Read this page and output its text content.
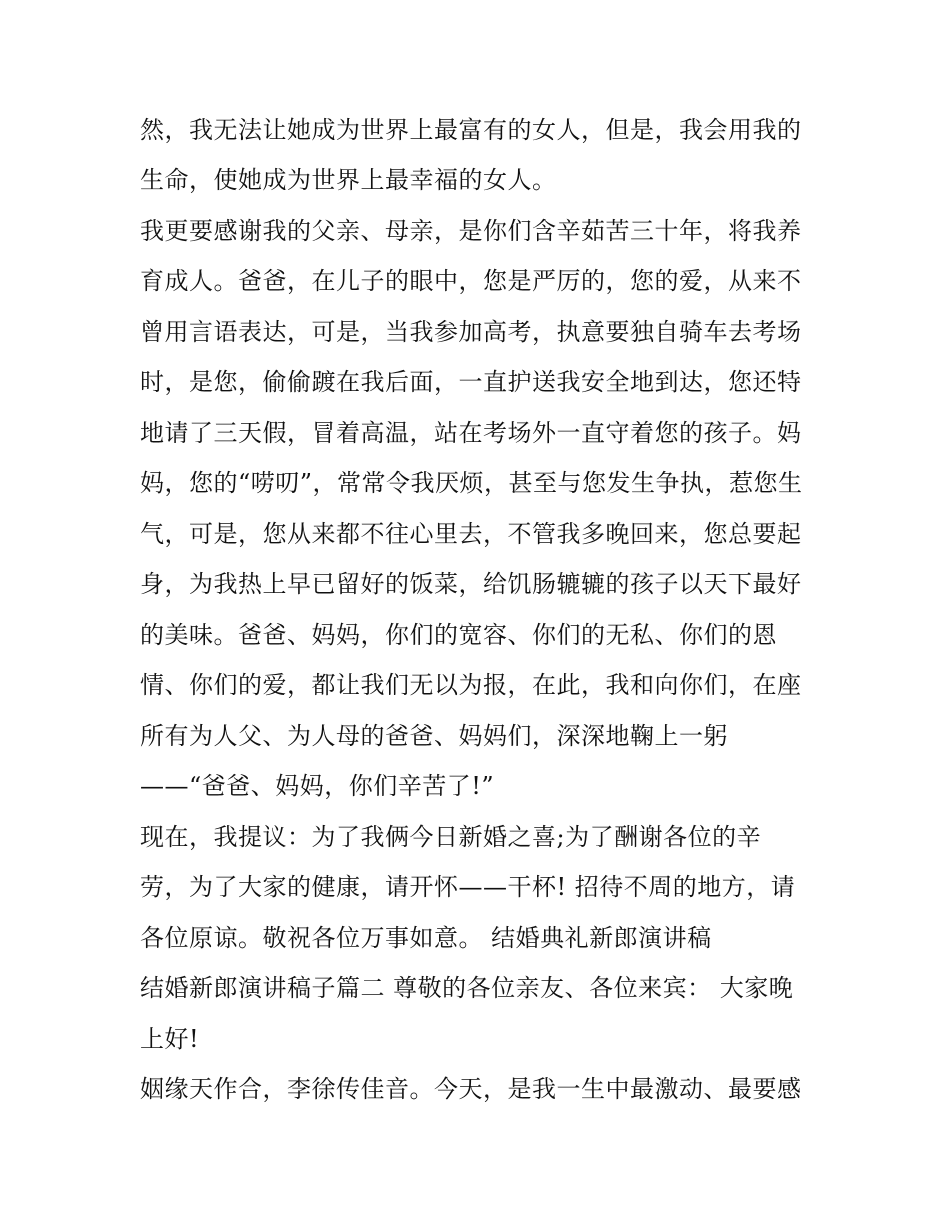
然，我无法让她成为世界上最富有的女人，但是，我会用我的
生命，使她成为世界上最幸福的女人。
我更要感谢我的父亲、母亲，是你们含辛茹苦三十年，将我养
育成人。爸爸，在儿子的眼中，您是严厉的，您的爱，从来不
曾用言语表达，可是，当我参加高考，执意要独自骑车去考场
时，是您，偷偷踱在我后面，一直护送我安全地到达，您还特
地请了三天假，冒着高温，站在考场外一直守着您的孩子。妈
妈，您的“唠叨”，常常令我厌烦，甚至与您发生争执，惹您生
气，可是，您从来都不往心里去，不管我多晚回来，您总要起
身，为我热上早已留好的饭菜，给饥肠辘辘的孩子以天下最好
的美味。爸爸、妈妈，你们的宽容、你们的无私、你们的恩
情、你们的爱，都让我们无以为报，在此，我和向你们，在座
所有为人父、为人母的爸爸、妈妈们，深深地鞠上一躬
——“爸爸、妈妈，你们辛苦了!”
现在，我提议：为了我俩今日新婚之喜;为了酬谢各位的辛
劳，为了大家的健康，请开怀——干杯! 招待不周的地方，请
各位原谅。敬祝各位万事如意。 结婚典礼新郎演讲稿
结婚新郎演讲稿子篇二 尊敬的各位亲友、各位来宾： 大家晚
上好!
姻缘天作合，李徐传佳音。今天，是我一生中最激动、最要感
